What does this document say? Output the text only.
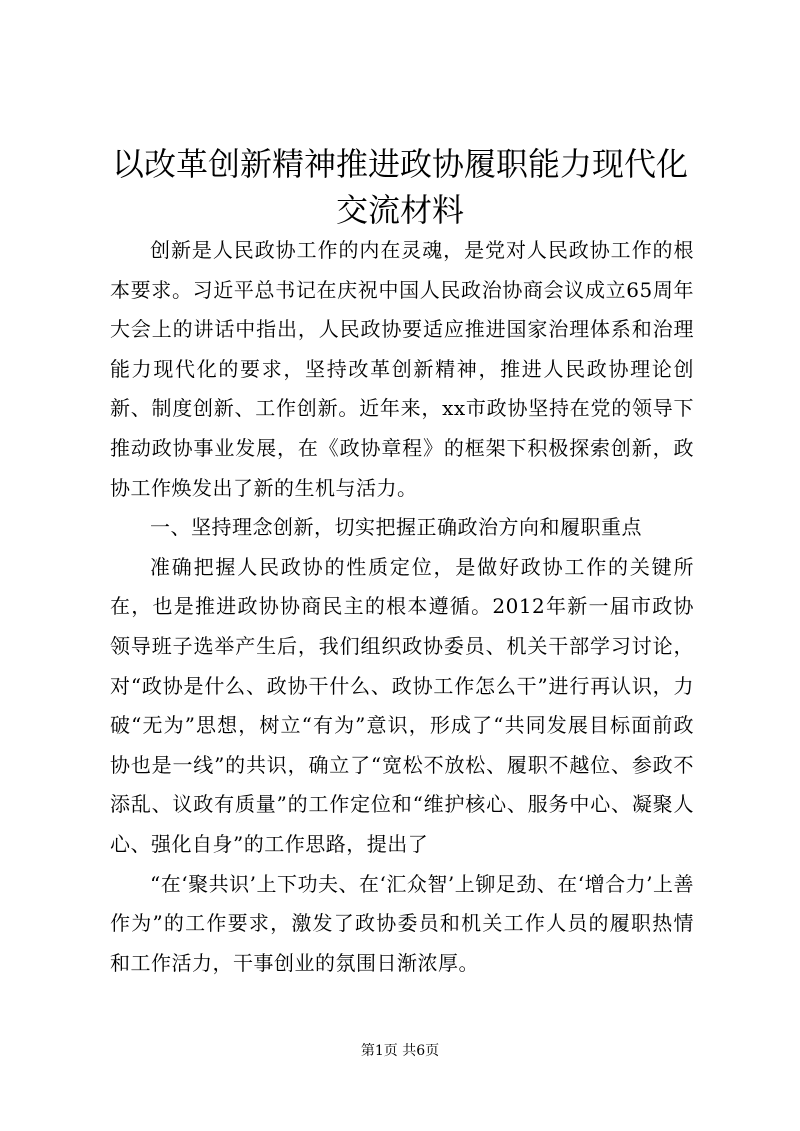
以改革创新精神推进政协履职能力现代化交流材料

创新是人民政协工作的内在灵魂，是党对人民政协工作的根本要求。习近平总书记在庆祝中国人民政治协商会议成立65周年大会上的讲话中指出，人民政协要适应推进国家治理体系和治理能力现代化的要求，坚持改革创新精神，推进人民政协理论创新、制度创新、工作创新。近年来，xx市政协坚持在党的领导下推动政协事业发展，在《政协章程》的框架下积极探索创新，政协工作焕发出了新的生机与活力。

一、坚持理念创新，切实把握正确政治方向和履职重点

准确把握人民政协的性质定位，是做好政协工作的关键所在，也是推进政协协商民主的根本遵循。2012年新一届市政协领导班子选举产生后，我们组织政协委员、机关干部学习讨论，对“政协是什么、政协干什么、政协工作怎么干”进行再认识，力破“无为”思想，树立“有为”意识，形成了“共同发展目标面前政协也是一线”的共识，确立了“宽松不放松、履职不越位、参政不添乱、议政有质量”的工作定位和“维护核心、服务中心、凝聚人心、强化自身”的工作思路，提出了

“在‘聚共识’上下功夫、在‘汇众智’上铆足劲、在‘增合力’上善作为”的工作要求，激发了政协委员和机关工作人员的履职热情和工作活力，干事创业的氛围日渐浓厚。

第1页 共6页
